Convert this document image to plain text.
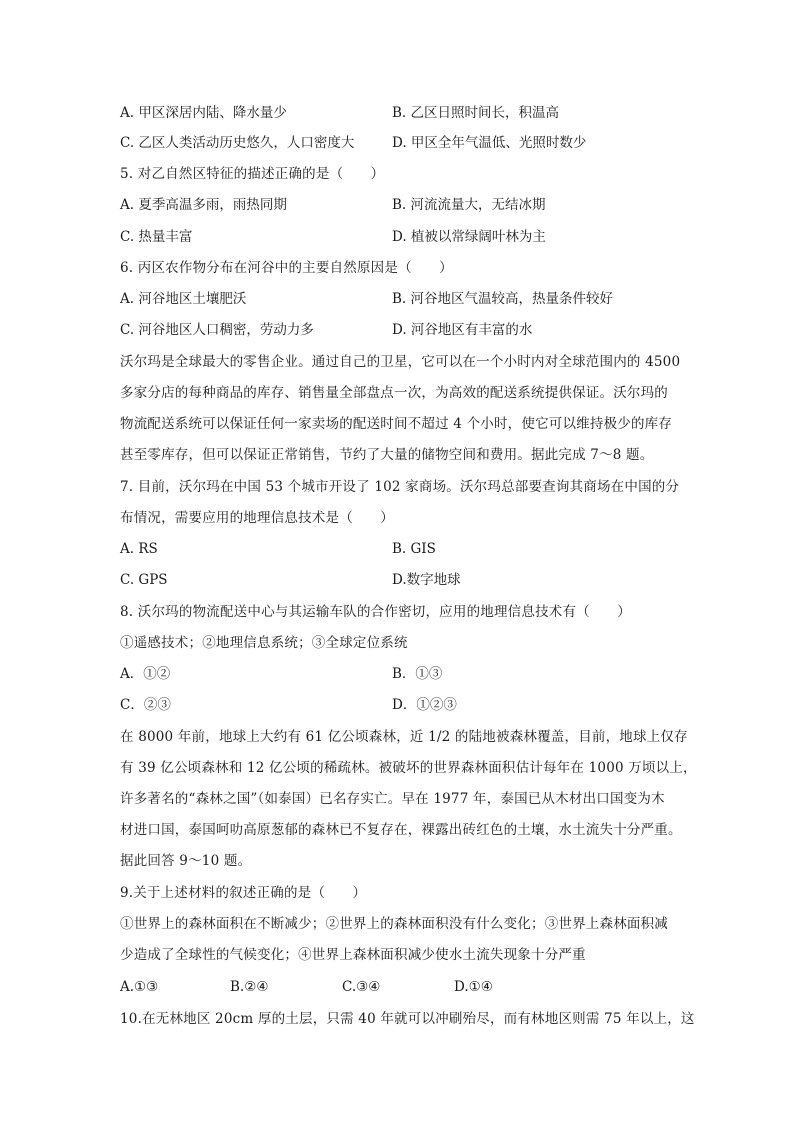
A. 甲区深居内陆、降水量少	B. 乙区日照时间长，积温高
C. 乙区人类活动历史悠久，人口密度大	D. 甲区全年气温低、光照时数少
5. 对乙自然区特征的描述正确的是（　　）
A. 夏季高温多雨，雨热同期	B. 河流流量大，无结冰期
C. 热量丰富	D. 植被以常绿阔叶林为主
6. 丙区农作物分布在河谷中的主要自然原因是（　　）
A. 河谷地区土壤肥沃	B. 河谷地区气温较高，热量条件较好
C. 河谷地区人口稠密，劳动力多	D. 河谷地区有丰富的水
沃尔玛是全球最大的零售企业。通过自己的卫星，它可以在一个小时内对全球范围内的 4500
多家分店的每种商品的库存、销售量全部盘点一次，为高效的配送系统提供保证。沃尔玛的
物流配送系统可以保证任何一家卖场的配送时间不超过 4 个小时，使它可以维持极少的库存
甚至零库存，但可以保证正常销售，节约了大量的储物空间和费用。据此完成 7～8 题。
7. 目前，沃尔玛在中国 53 个城市开设了 102 家商场。沃尔玛总部要查询其商场在中国的分
布情况，需要应用的地理信息技术是（　　）
A. RS	B. GIS
C. GPS	D.数字地球
8. 沃尔玛的物流配送中心与其运输车队的合作密切，应用的地理信息技术有（　　）
①遥感技术；②地理信息系统；③全球定位系统
A．①②	B．①③
C．②③	D．①②③
在 8000 年前，地球上大约有 61 亿公顷森林，近 1/2 的陆地被森林覆盖，目前，地球上仅存
有 39 亿公顷森林和 12 亿公顷的稀疏林。被破坏的世界森林面积估计每年在 1000 万顷以上，
许多著名的“森林之国”（如泰国）已名存实亡。早在 1977 年，泰国已从木材出口国变为木
材进口国，泰国呵叻高原葱郁的森林已不复存在，裸露出砖红色的土壤，水土流失十分严重。
据此回答 9～10 题。
9.关于上述材料的叙述正确的是（　　）
①世界上的森林面积在不断减少；②世界上的森林面积没有什么变化；③世界上森林面积减
少造成了全球性的气候变化；④世界上森林面积减少使水土流失现象十分严重
A.①③	B.②④	C.③④	D.①④
10.在无林地区 20cm 厚的土层，只需 40 年就可以冲刷殆尽，而有林地区则需 75 年以上，这
